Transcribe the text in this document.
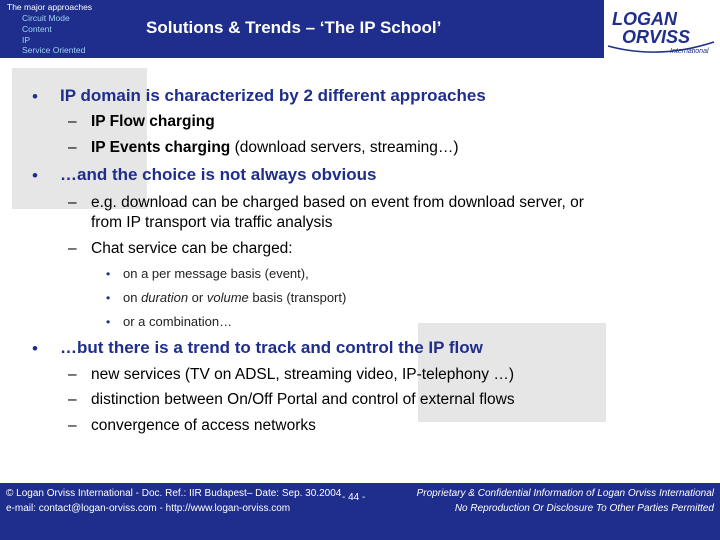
The major approaches
Circuit Mode
Content
IP
Service Oriented
Solutions & Trends – ‘The IP School’	LOGAN
ORVISS
International
• IP domain is characterized by 2 different approaches
– IP Flow charging
– IP Events charging (download servers, streaming…)
• …and the choice is not always obvious
– e.g. download can be charged based on event from download server, or
from IP transport via traffic analysis
– Chat service can be charged:
• on a per message basis (event),
• on duration or volume basis (transport)
• or a combination…
• …but there is a trend to track and control the IP flow
– new services (TV on ADSL, streaming video, IP-telephony …)
– distinction between On/Off Portal and control of external flows
– convergence of access networks
© Logan Orviss International - Doc. Ref.: IIR Budapest– Date: Sep. 30.2004
e-mail: contact@logan-orviss.com - http://www.logan-orviss.com
- 44 -	Proprietary & Confidential Information of Logan Orviss International
No Reproduction Or Disclosure To Other Parties Permitted
